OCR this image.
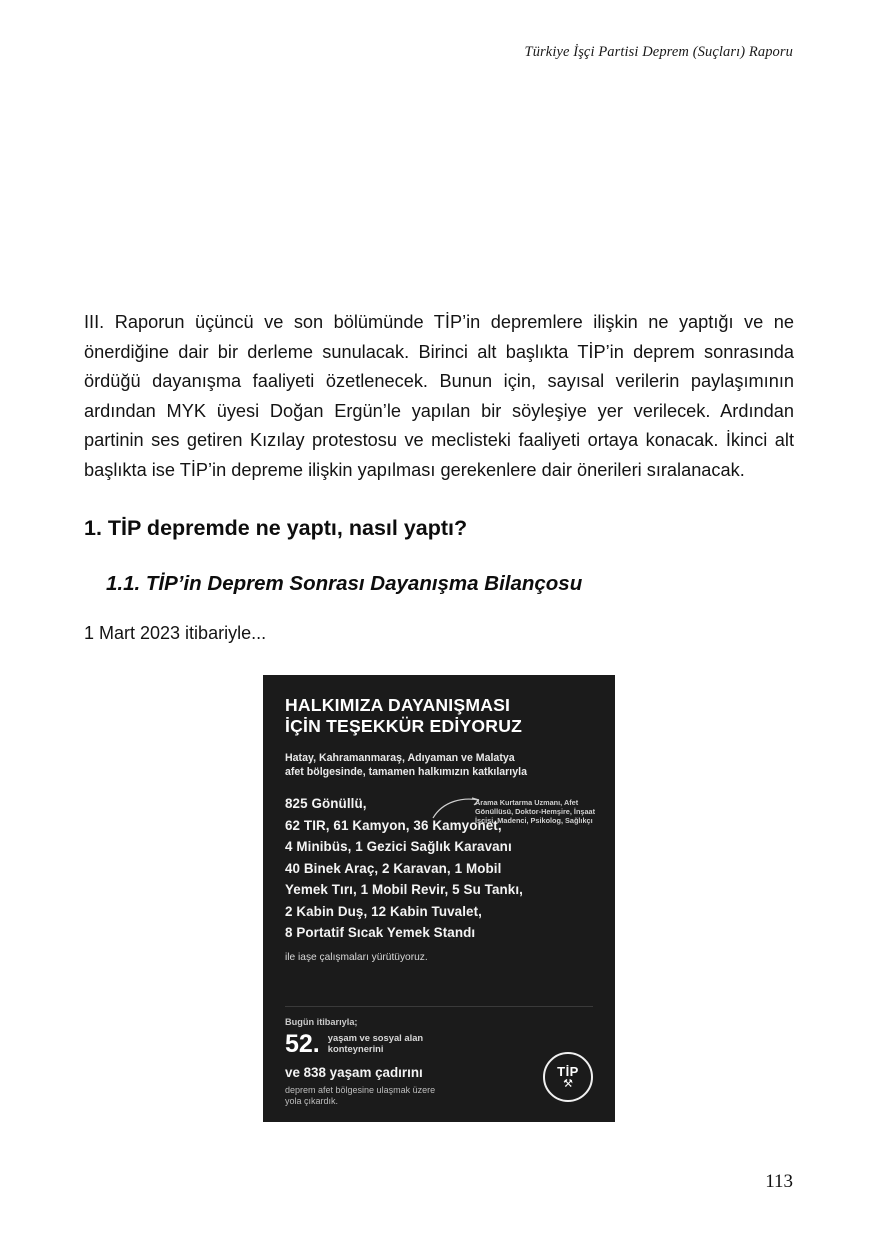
Türkiye İşçi Partisi Deprem (Suçları) Raporu

III. Raporun üçüncü ve son bölümünde TİP’in depremlere ilişkin ne yaptığı ve ne önerdiğine dair bir derleme sunulacak. Birinci alt başlıkta TİP’in deprem sonrasında ördüğü dayanışma faaliyeti özetlenecek. Bunun için, sayısal verilerin paylaşımının ardından MYK üyesi Doğan Ergün’le yapılan bir söyleşiye yer verilecek. Ardından partinin ses getiren Kızılay protestosu ve meclisteki faaliyeti ortaya konacak. İkinci alt başlıkta ise TİP’in depreme ilişkin yapılması gerekenlere dair önerileri sıralanacak.

1. TİP depremde ne yaptı, nasıl yaptı?
1.1. TİP’in Deprem Sonrası Dayanışma Bilançosu

1 Mart 2023 itibariyle...

HALKIMIZA DAYANIŞMASI
İÇİN TEŞEKKÜR EDİYORUZ
Hatay, Kahramanmaraş, Adıyaman ve Malatya
afet bölgesinde, tamamen halkımızın katkılarıyla
Arama Kurtarma Uzmanı, Afet Gönüllüsü, Doktor-Hemşire, İnşaat İşçisi, Madenci, Psikolog, Sağlıkçı
825 Gönüllü,
62 TIR, 61 Kamyon, 36 Kamyonet,
4 Minibüs, 1 Gezici Sağlık Karavanı
40 Binek Araç, 2 Karavan, 1 Mobil
Yemek Tırı, 1 Mobil Revir, 5 Su Tankı,
2 Kabin Duş, 12 Kabin Tuvalet,
8 Portatif Sıcak Yemek Standı
ile iaşe çalışmaları yürütüyoruz.
Bugün itibarıyla;
52. yaşam ve sosyal alan
konteynerini
ve 838 yaşam çadırını
deprem afet bölgesine ulaşmak üzere
yola çıkardık.
TİP
⚒
113
